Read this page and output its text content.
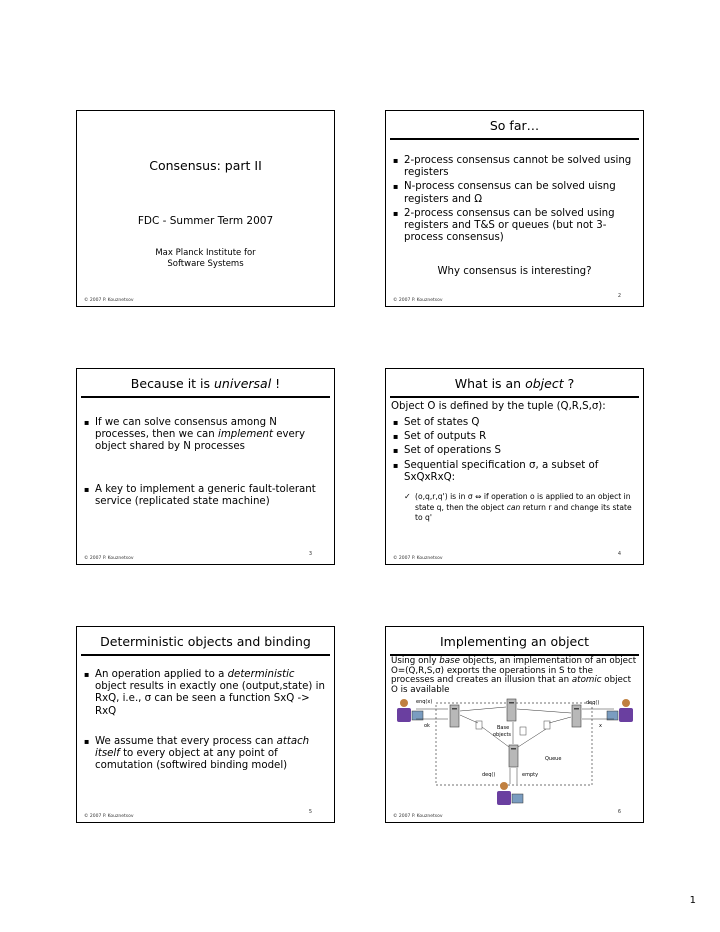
Consensus: part II
FDC - Summer Term 2007
Max Planck Institute for Software Systems
© 2007 P. Kouznetsov
So far…
▪ 2-process consensus cannot be solved using registers
▪ N-process consensus can be solved uisng registers and Ω
▪ 2-process consensus can be solved using registers and T&S or queues (but not 3-process consensus)
Why consensus is interesting?
© 2007 P. Kouznetsov
2
Because it is universal !
▪ If we can solve consensus among N processes, then we can implement every object shared by N processes
▪ A key to implement a generic fault-tolerant service (replicated state machine)
© 2007 P. Kouznetsov
3
What is an object ?
Object O is defined by the tuple (Q,R,S,σ):
▪ Set of states Q
▪ Set of outputs R
▪ Set of operations S
▪ Sequential specification σ, a subset of SxQxRxQ:
✓ (o,q,r,q') is in σ ⇔ if operation o is applied to an object in state q, then the object can return r and change its state to q'
© 2007 P. Kouznetsov
4
Deterministic objects and binding
▪ An operation applied to a deterministic object results in exactly one (output,state) in RxQ, i.e., σ can be seen a function SxQ -> RxQ
▪ We assume that every process can attach itself to every object at any point of comutation (softwired binding model)
© 2007 P. Kouznetsov
5
Implementing an object
Using only base objects, an implementation of an object O=(Q,R,S,σ) exports the operations in S to the processes and creates an illusion that an atomic object O is available
enq(x)	deq()
ok	x
Base objects
Queue
deq()	empty
© 2007 P. Kouznetsov
6
1
